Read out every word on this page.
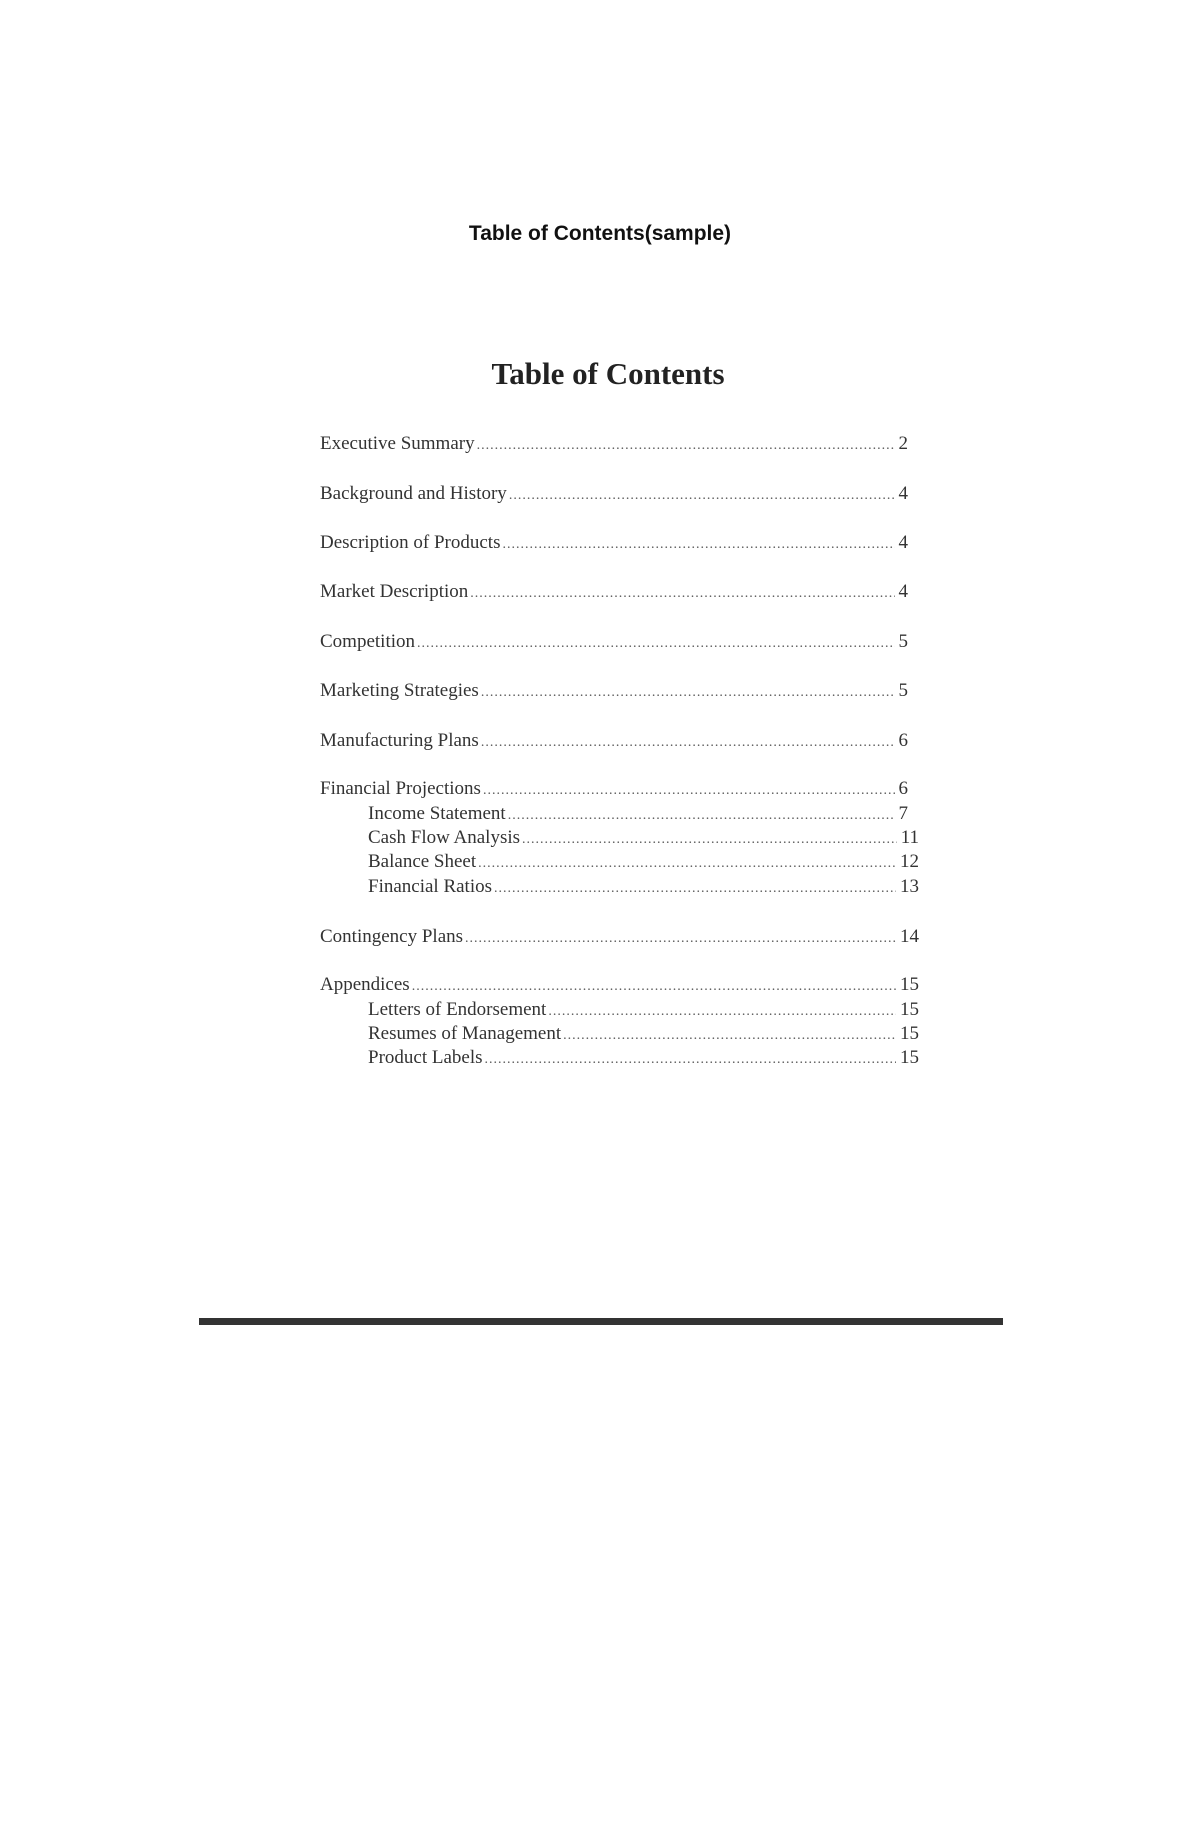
Table of Contents(sample)
Table of Contents
Executive Summary .....	2
Background and History .....	4
Description of Products .....	4
Market Description .....	4
Competition .....	5
Marketing Strategies .....	5
Manufacturing Plans .....	6
Financial Projections .....	6
Income Statement .....	7
Cash Flow Analysis .....	11
Balance Sheet .....	12
Financial Ratios .....	13
Contingency Plans .....	14
Appendices .....	15
Letters of Endorsement .....	15
Resumes of Management .....	15
Product Labels .....	15
